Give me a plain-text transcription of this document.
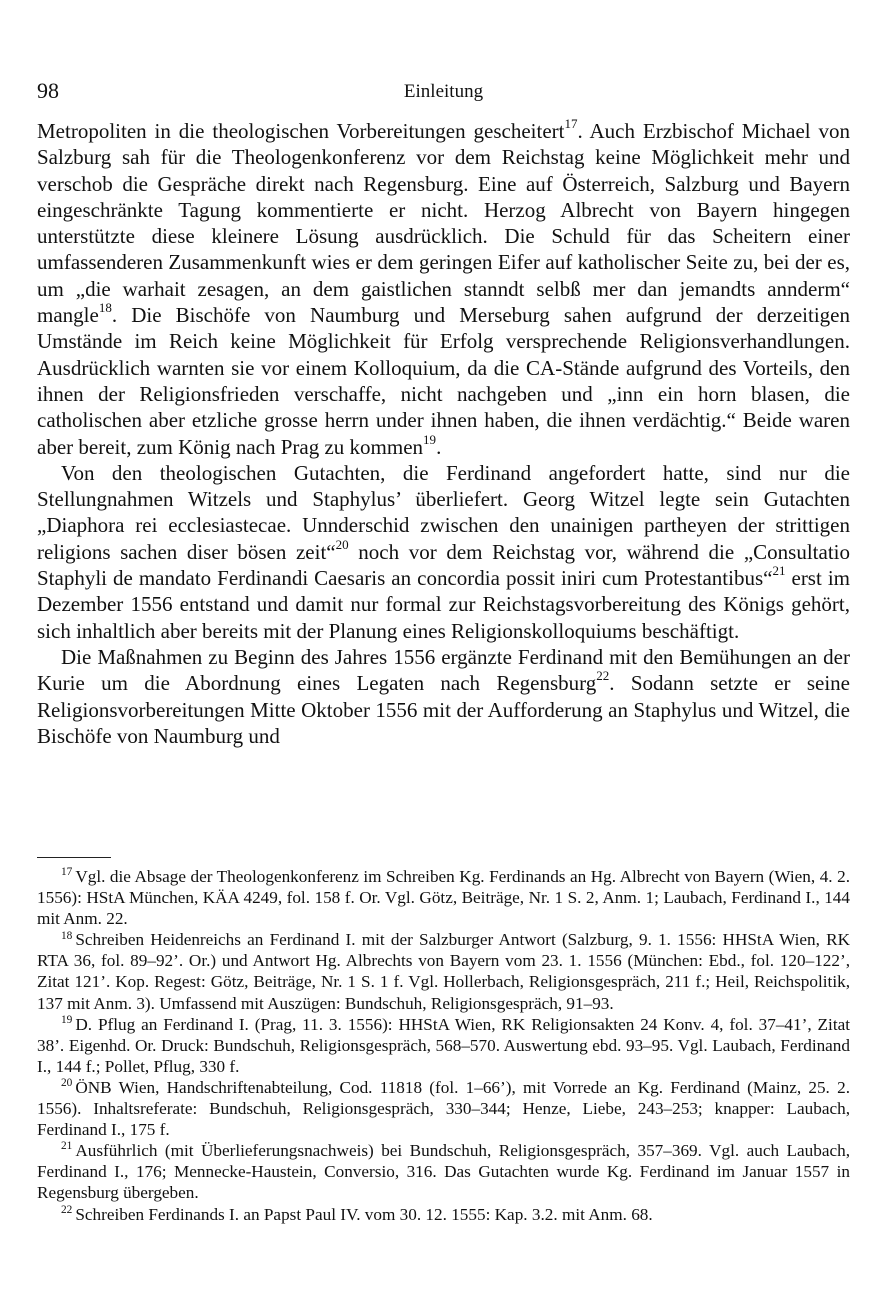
98	Einleitung

Metropoliten in die theologischen Vorbereitungen gescheitert$^{17}$. Auch Erzbischof Michael von Salzburg sah für die Theologenkonferenz vor dem Reichstag keine Möglichkeit mehr und verschob die Gespräche direkt nach Regensburg. Eine auf Österreich, Salzburg und Bayern eingeschränkte Tagung kommentierte er nicht. Herzog Albrecht von Bayern hingegen unterstützte diese kleinere Lösung ausdrücklich. Die Schuld für das Scheitern einer umfassenderen Zusammenkunft wies er dem geringen Eifer auf katholischer Seite zu, bei der es, um „die warhait zesagen, an dem gaistlichen stanndt selbß mer dan jemandts annderm“ mangle$^{18}$. Die Bischöfe von Naumburg und Merseburg sahen aufgrund der derzeitigen Umstände im Reich keine Möglichkeit für Erfolg versprechende Religionsverhandlungen. Ausdrücklich warnten sie vor einem Kolloquium, da die CA-Stände aufgrund des Vorteils, den ihnen der Religionsfrieden verschaffe, nicht nachgeben und „inn ein horn blasen, die catholischen aber etzliche grosse herrn under ihnen haben, die ihnen verdächtig.“ Beide waren aber bereit, zum König nach Prag zu kommen$^{19}$.

Von den theologischen Gutachten, die Ferdinand angefordert hatte, sind nur die Stellungnahmen Witzels und Staphylus’ überliefert. Georg Witzel legte sein Gutachten „Diaphora rei ecclesiastecae. Unnderschid zwischen den unainigen partheyen der strittigen religions sachen diser bösen zeit“$^{20}$ noch vor dem Reichstag vor, während die „Consultatio Staphyli de mandato Ferdinandi Caesaris an concordia possit iniri cum Protestantibus“$^{21}$ erst im Dezember 1556 entstand und damit nur formal zur Reichstagsvorbereitung des Königs gehört, sich inhaltlich aber bereits mit der Planung eines Religionskolloquiums beschäftigt.

Die Maßnahmen zu Beginn des Jahres 1556 ergänzte Ferdinand mit den Bemühungen an der Kurie um die Abordnung eines Legaten nach Regensburg$^{22}$. Sodann setzte er seine Religionsvorbereitungen Mitte Oktober 1556 mit der Aufforderung an Staphylus und Witzel, die Bischöfe von Naumburg und

$^{17}$ Vgl. die Absage der Theologenkonferenz im Schreiben Kg. Ferdinands an Hg. Albrecht von Bayern (Wien, 4. 2. 1556): HStA München, KÄA 4249, fol. 158 f. Or. Vgl. Götz, Beiträge, Nr. 1 S. 2, Anm. 1; Laubach, Ferdinand I., 144 mit Anm. 22.

$^{18}$ Schreiben Heidenreichs an Ferdinand I. mit der Salzburger Antwort (Salzburg, 9. 1. 1556: HHStA Wien, RK RTA 36, fol. 89–92’. Or.) und Antwort Hg. Albrechts von Bayern vom 23. 1. 1556 (München: Ebd., fol. 120–122’, Zitat 121’. Kop. Regest: Götz, Beiträge, Nr. 1 S. 1 f. Vgl. Hollerbach, Religionsgespräch, 211 f.; Heil, Reichspolitik, 137 mit Anm. 3). Umfassend mit Auszügen: Bundschuh, Religionsgespräch, 91–93.

$^{19}$ D. Pflug an Ferdinand I. (Prag, 11. 3. 1556): HHStA Wien, RK Religionsakten 24 Konv. 4, fol. 37–41’, Zitat 38’. Eigenhd. Or. Druck: Bundschuh, Religionsgespräch, 568–570. Auswertung ebd. 93–95. Vgl. Laubach, Ferdinand I., 144 f.; Pollet, Pflug, 330 f.

$^{20}$ ÖNB Wien, Handschriftenabteilung, Cod. 11818 (fol. 1–66’), mit Vorrede an Kg. Ferdinand (Mainz, 25. 2. 1556). Inhaltsreferate: Bundschuh, Religionsgespräch, 330–344; Henze, Liebe, 243–253; knapper: Laubach, Ferdinand I., 175 f.

$^{21}$ Ausführlich (mit Überlieferungsnachweis) bei Bundschuh, Religionsgespräch, 357–369. Vgl. auch Laubach, Ferdinand I., 176; Mennecke-Haustein, Conversio, 316. Das Gutachten wurde Kg. Ferdinand im Januar 1557 in Regensburg übergeben.

$^{22}$ Schreiben Ferdinands I. an Papst Paul IV. vom 30. 12. 1555: Kap. 3.2. mit Anm. 68.
